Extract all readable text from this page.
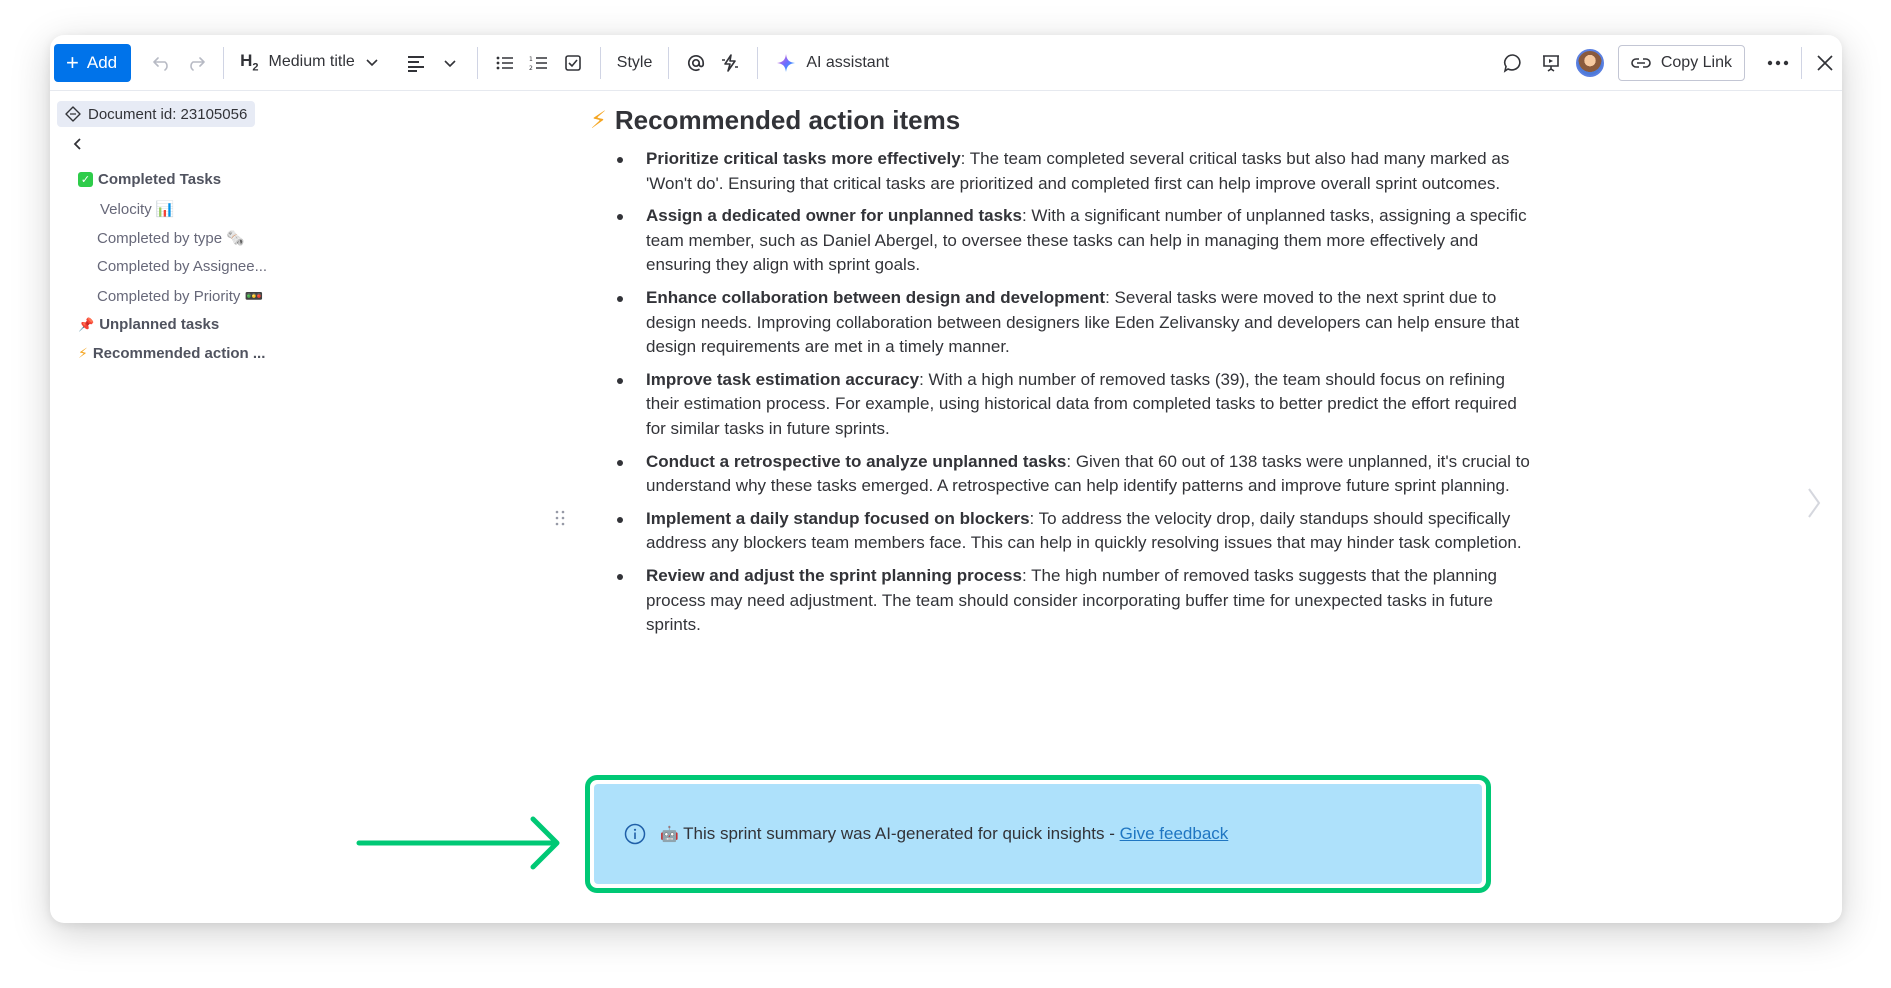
+ Add	$H_2$ Medium title	1
2	Style	AI assistant	Copy Link
Document id: 23105056
✓ Completed Tasks
Velocity 📊
Completed by type 🗞️
Completed by Assignee...
Completed by Priority 🚥
📌 Unplanned tasks
⚡ Recommended action ...
⚡ Recommended action items
Prioritize critical tasks more effectively: The team completed several critical tasks but also had many marked as 'Won't do'. Ensuring that critical tasks are prioritized and completed first can help improve overall sprint outcomes.
Assign a dedicated owner for unplanned tasks: With a significant number of unplanned tasks, assigning a specific team member, such as Daniel Abergel, to oversee these tasks can help in managing them more effectively and ensuring they align with sprint goals.
Enhance collaboration between design and development: Several tasks were moved to the next sprint due to design needs. Improving collaboration between designers like Eden Zelivansky and developers can help ensure that design requirements are met in a timely manner.
Improve task estimation accuracy: With a high number of removed tasks (39), the team should focus on refining their estimation process. For example, using historical data from completed tasks to better predict the effort required for similar tasks in future sprints.
Conduct a retrospective to analyze unplanned tasks: Given that 60 out of 138 tasks were unplanned, it's crucial to understand why these tasks emerged. A retrospective can help identify patterns and improve future sprint planning.
Implement a daily standup focused on blockers: To address the velocity drop, daily standups should specifically address any blockers team members face. This can help in quickly resolving issues that may hinder task completion.
Review and adjust the sprint planning process: The high number of removed tasks suggests that the planning process may need adjustment. The team should consider incorporating buffer time for unexpected tasks in future sprints.
🤖 This sprint summary was AI-generated for quick insights - Give feedback
